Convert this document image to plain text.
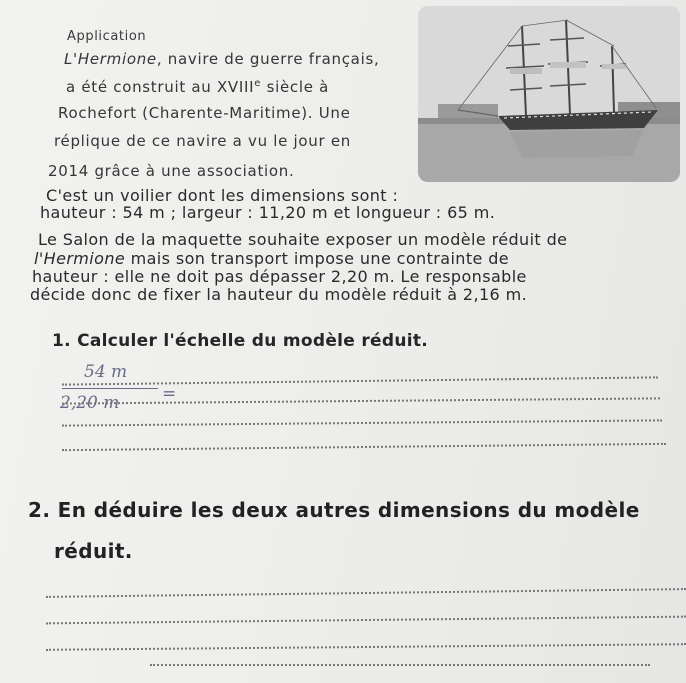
Application
L'Hermione, navire de guerre français,
a été construit au XVIIIe siècle à
Rochefort (Charente-Maritime). Une
réplique de ce navire a vu le jour en
2014 grâce à une association.
C'est un voilier dont les dimensions sont :
hauteur : 54 m ; largeur : 11,20 m et longueur : 65 m.
Le Salon de la maquette souhaite exposer un modèle réduit de
l'Hermione mais son transport impose une contrainte de
hauteur : elle ne doit pas dépasser 2,20 m. Le responsable
décide donc de fixer la hauteur du modèle réduit à 2,16 m.
1. Calculer l'échelle du modèle réduit.
54 m
2,20 m	=
2. En déduire les deux autres dimensions du modèle
réduit.
